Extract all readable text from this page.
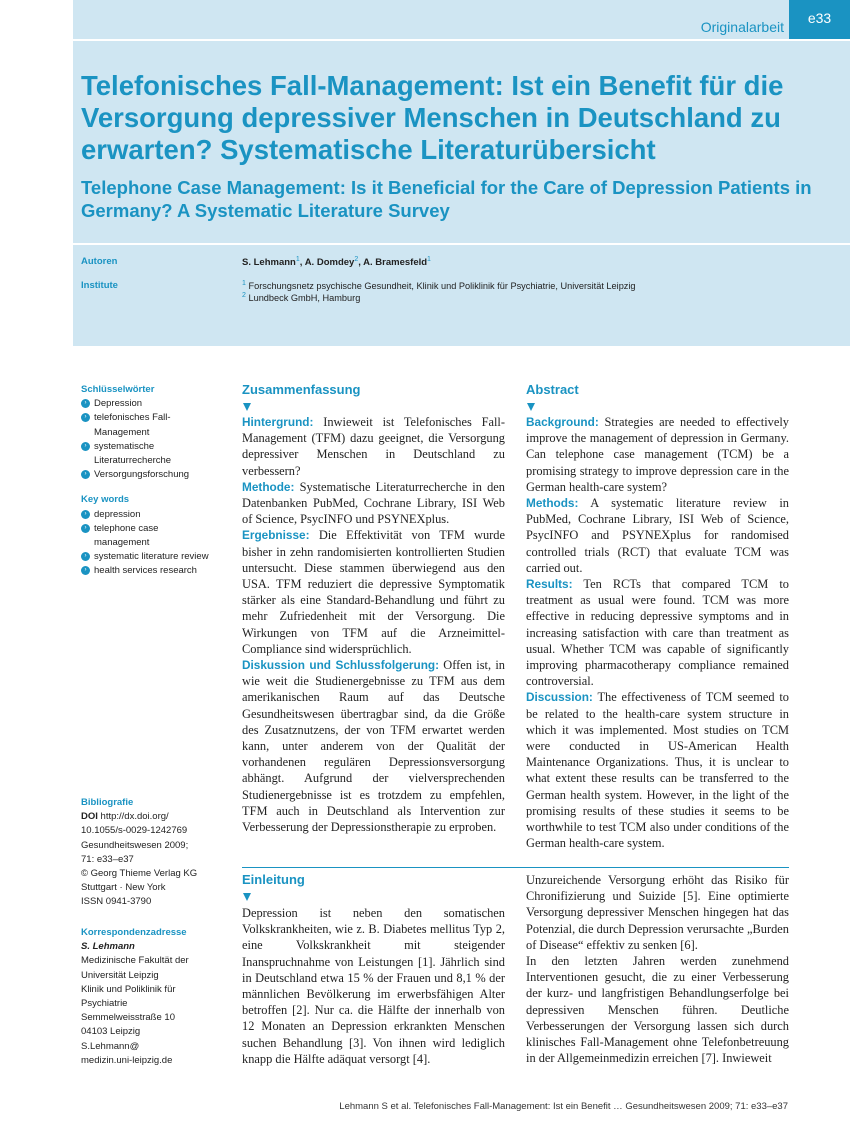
Originalarbeit
e33
Telefonisches Fall-Management: Ist ein Benefit für die Versorgung depressiver Menschen in Deutschland zu erwarten? Systematische Literaturübersicht
Telephone Case Management: Is it Beneficial for the Care of Depression Patients in Germany? A Systematic Literature Survey
Autoren	S. Lehmann$^1$, A. Domdey$^2$, A. Bramesfeld$^1$
Institute	$^1$ Forschungsnetz psychische Gesundheit, Klinik und Poliklinik für Psychiatrie, Universität Leipzig
$^2$ Lundbeck GmbH, Hamburg
Schlüsselwörter
› Depression
› telefonisches Fall-
Management
› systematische
Literaturrecherche
› Versorgungsforschung
Key words
› depression
› telephone case
management
› systematic literature review
› health services research
Bibliografie
DOI http://dx.doi.org/
10.1055/s-0029-1242769
Gesundheitswesen 2009;
71: e33–e37
© Georg Thieme Verlag KG
Stuttgart · New York
ISSN 0941-3790
Korrespondenzadresse
S. Lehmann
Medizinische Fakultät der
Universität Leipzig
Klinik und Poliklinik für
Psychiatrie
Semmelweisstraße 10
04103 Leipzig
S.Lehmann@
medizin.uni-leipzig.de
Zusammenfassung

Hintergrund: Inwieweit ist Telefonisches Fall-Management (TFM) dazu geeignet, die Versorgung depressiver Menschen in Deutschland zu verbessern?

Methode: Systematische Literaturrecherche in den Datenbanken PubMed, Cochrane Library, ISI Web of Science, PsycINFO und PSYNEXplus.

Ergebnisse: Die Effektivität von TFM wurde bisher in zehn randomisierten kontrollierten Studien untersucht. Diese stammen überwiegend aus den USA. TFM reduziert die depressive Symptomatik stärker als eine Standard-Behandlung und führt zu mehr Zufriedenheit mit der Versorgung. Die Wirkungen von TFM auf die Arzneimittel-Compliance sind widersprüchlich.

Diskussion und Schlussfolgerung: Offen ist, in wie weit die Studienergebnisse zu TFM aus dem amerikanischen Raum auf das Deutsche Gesundheitswesen übertragbar sind, da die Größe des Zusatznutzens, der von TFM erwartet werden kann, unter anderem von der Qualität der vorhandenen regulären Depressionsversorgung abhängt. Aufgrund der vielversprechenden Studienergebnisse ist es trotzdem zu empfehlen, TFM auch in Deutschland als Intervention zur Verbesserung der Depressionstherapie zu erproben.

Abstract

Background: Strategies are needed to effectively improve the management of depression in Germany. Can telephone case management (TCM) be a promising strategy to improve depression care in the German health-care system?

Methods: A systematic literature review in PubMed, Cochrane Library, ISI Web of Science, PsycINFO and PSYNEXplus for randomised controlled trials (RCT) that evaluate TCM was carried out.

Results: Ten RCTs that compared TCM to treatment as usual were found. TCM was more effective in reducing depressive symptoms and in increasing satisfaction with care than treatment as usual. Whether TCM was capable of significantly improving pharmacotherapy compliance remained controversial.

Discussion: The effectiveness of TCM seemed to be related to the health-care system structure in which it was implemented. Most studies on TCM were conducted in US-American Health Maintenance Organizations. Thus, it is unclear to what extent these results can be transferred to the German health system. However, in the light of the promising results of these studies it seems to be worthwhile to test TCM also under conditions of the German health-care system.

Einleitung
Depression ist neben den somatischen Volkskrankheiten, wie z. B. Diabetes mellitus Typ 2, eine Volkskrankheit mit steigender Inanspruchnahme von Leistungen [1]. Jährlich sind in Deutschland etwa 15 % der Frauen und 8,1 % der männlichen Bevölkerung im erwerbsfähigen Alter betroffen [2]. Nur ca. die Hälfte der innerhalb von 12 Monaten an Depression erkrankten Menschen suchen Behandlung [3]. Von ihnen wird lediglich knapp die Hälfte adäquat versorgt [4].

Unzureichende Versorgung erhöht das Risiko für Chronifizierung und Suizide [5]. Eine optimierte Versorgung depressiver Menschen hingegen hat das Potenzial, die durch Depression verursachte „Burden of Disease“ effektiv zu senken [6].

In den letzten Jahren werden zunehmend Interventionen gesucht, die zu einer Verbesserung der kurz- und langfristigen Behandlungserfolge bei depressiven Menschen führen. Deutliche Verbesserungen der Versorgung lassen sich durch klinisches Fall-Management ohne Telefonbetreuung in der Allgemeinmedizin erreichen [7]. Inwieweit

Lehmann S et al. Telefonisches Fall-Management: Ist ein Benefit … Gesundheitswesen 2009; 71: e33–e37
